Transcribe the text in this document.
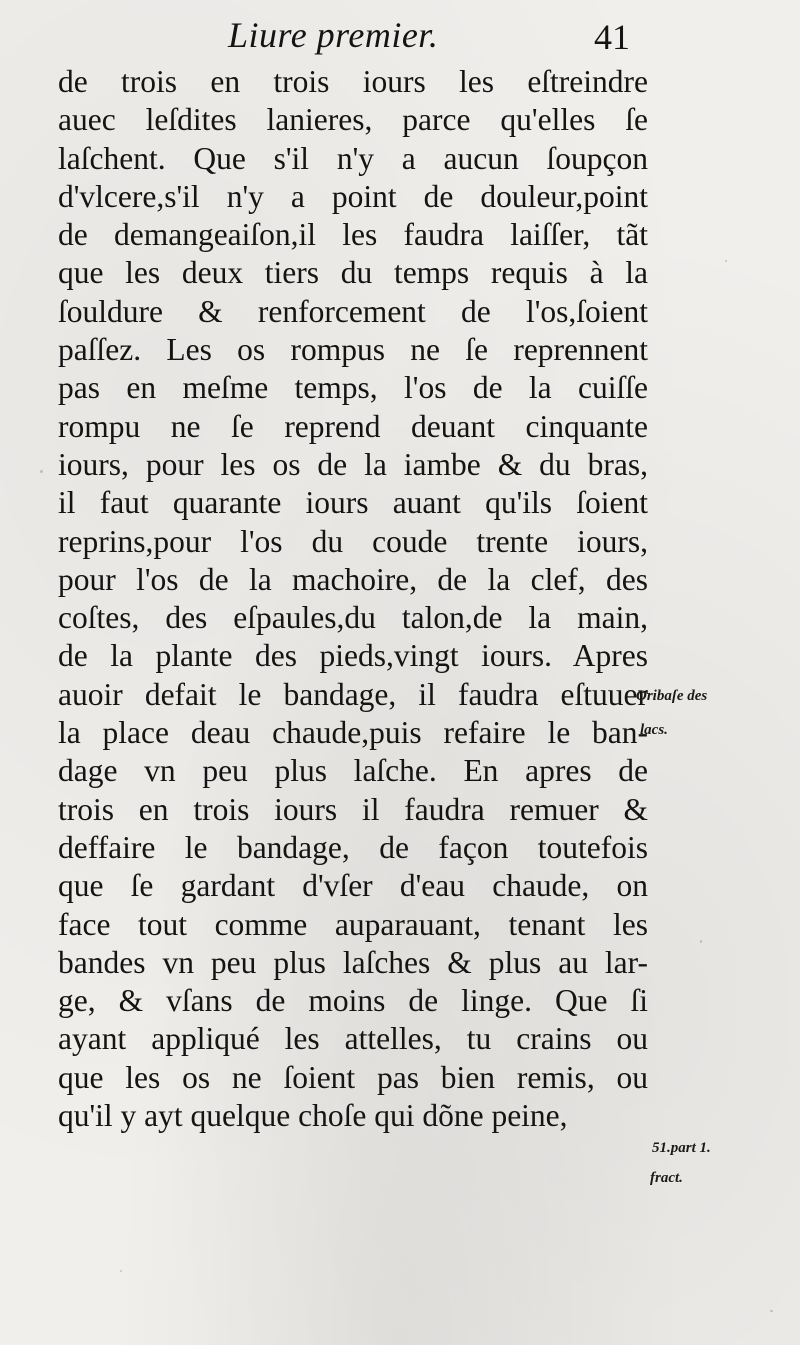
Liure premier.	41
de trois en trois iours les eſtreindre
auec leſdites lanieres, parce qu'elles ſe
laſchent. Que s'il n'y a aucun ſoupçon
d'vlcere,s'il n'y a point de douleur,point
de demangeaiſon,il les faudra laiſſer, tãt
que les deux tiers du temps requis à la
ſouldure & renforcement de l'os,ſoient
paſſez. Les os rompus ne ſe reprennent
pas en meſme temps, l'os de la cuiſſe
rompu ne ſe reprend deuant cinquante
iours, pour les os de la iambe & du bras,
il faut quarante iours auant qu'ils ſoient
reprins,pour l'os du coude trente iours,
pour l'os de la machoire, de la clef, des
coſtes, des eſpaules,du talon,de la main,
de la plante des pieds,vingt iours. Apres
auoir defait le bandage, il faudra eſtuuer
la place deau chaude,puis refaire le ban-
dage vn peu plus laſche. En apres de
trois en trois iours il faudra remuer &
deffaire le bandage, de façon toutefois
que ſe gardant d'vſer d'eau chaude, on
face tout comme auparauant, tenant les
bandes vn peu plus laſches & plus au lar-
ge, & vſans de moins de linge. Que ſi
ayant appliqué les attelles, tu crains ou
que les os ne ſoient pas bien remis, ou
qu'il y ayt quelque choſe qui dõne peine,
Oribaſe des
lacs.
51.part 1.
fract.
